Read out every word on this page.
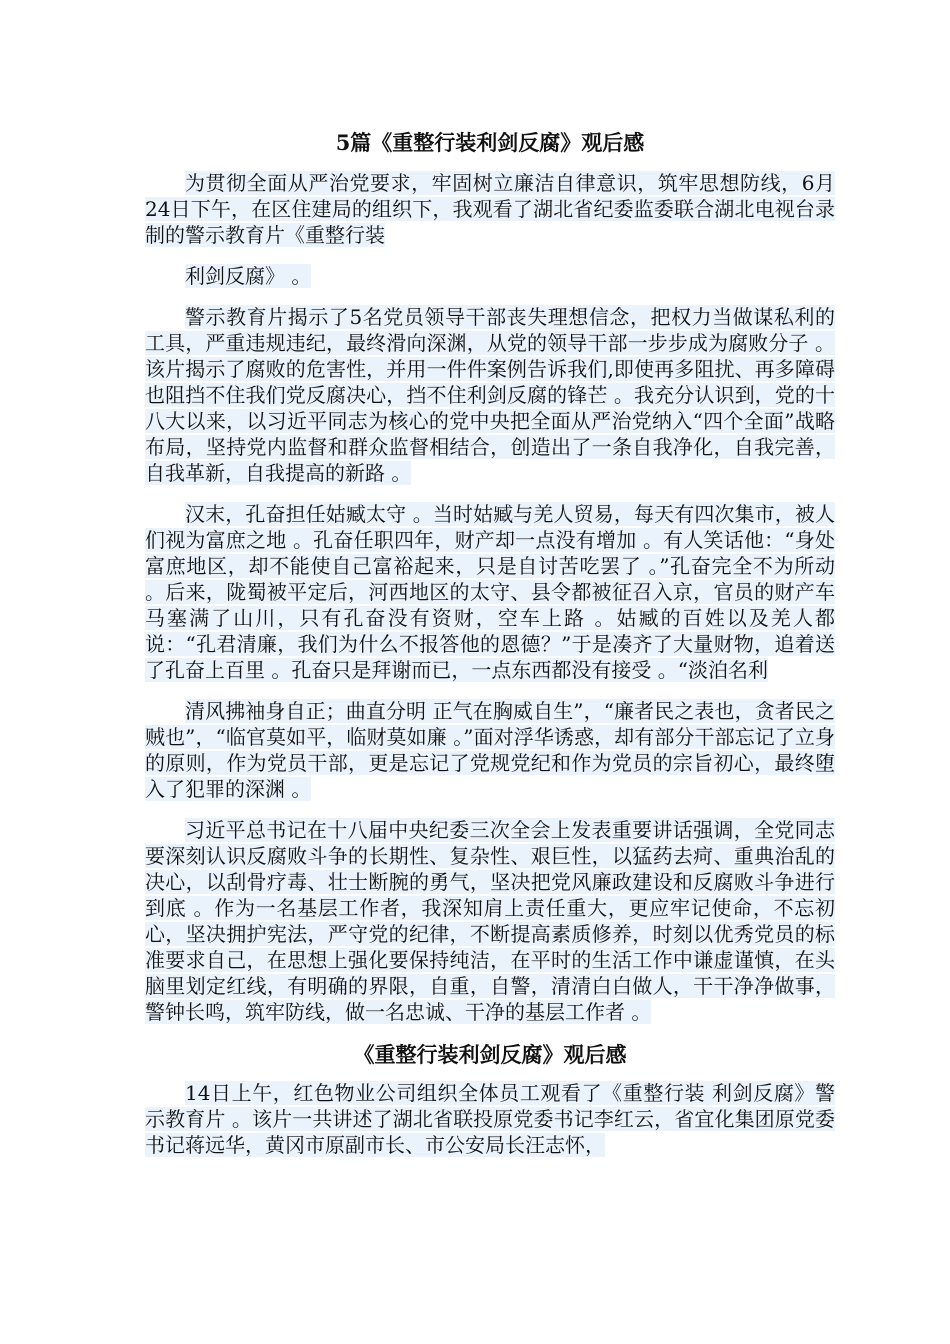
5篇《重整行装利剑反腐》观后感

为贯彻全面从严治党要求，牢固树立廉洁自律意识，筑牢思想防线，6月24日下午，在区住建局的组织下，我观看了湖北省纪委监委联合湖北电视台录制的警示教育片《重整行装

利剑反腐》 。

警示教育片揭示了5名党员领导干部丧失理想信念，把权力当做谋私利的工具，严重违规违纪，最终滑向深渊，从党的领导干部一步步成为腐败分子 。该片揭示了腐败的危害性，并用一件件案例告诉我们,即使再多阻扰、再多障碍也阻挡不住我们党反腐决心，挡不住利剑反腐的锋芒 。我充分认识到，党的十八大以来，以习近平同志为核心的党中央把全面从严治党纳入“四个全面”战略布局，坚持党内监督和群众监督相结合，创造出了一条自我净化，自我完善，自我革新，自我提高的新路 。

汉末，孔奋担任姑臧太守 。当时姑臧与羌人贸易，每天有四次集市，被人们视为富庶之地 。孔奋任职四年，财产却一点没有增加 。有人笑话他：“身处富庶地区，却不能使自己富裕起来，只是自讨苦吃罢了 。”孔奋完全不为所动 。后来，陇蜀被平定后，河西地区的太守、县令都被征召入京，官员的财产车马塞满了山川，只有孔奋没有资财，空车上路 。姑臧的百姓以及羌人都说：“孔君清廉，我们为什么不报答他的恩德？”于是凑齐了大量财物，追着送了孔奋上百里 。孔奋只是拜谢而已，一点东西都没有接受 。“淡泊名利

清风拂袖身自正；曲直分明 正气在胸威自生”，“廉者民之表也，贪者民之贼也”，“临官莫如平，临财莫如廉 。”面对浮华诱惑，却有部分干部忘记了立身的原则，作为党员干部，更是忘记了党规党纪和作为党员的宗旨初心，最终堕入了犯罪的深渊 。

习近平总书记在十八届中央纪委三次全会上发表重要讲话强调，全党同志要深刻认识反腐败斗争的长期性、复杂性、艰巨性，以猛药去疴、重典治乱的决心，以刮骨疗毒、壮士断腕的勇气，坚决把党风廉政建设和反腐败斗争进行到底 。作为一名基层工作者，我深知肩上责任重大，更应牢记使命，不忘初心，坚决拥护宪法，严守党的纪律，不断提高素质修养，时刻以优秀党员的标准要求自己，在思想上强化要保持纯洁，在平时的生活工作中谦虚谨慎，在头脑里划定红线，有明确的界限，自重，自警，清清白白做人，干干净净做事，警钟长鸣，筑牢防线，做一名忠诚、干净的基层工作者 。

《重整行装利剑反腐》观后感

14日上午，红色物业公司组织全体员工观看了《重整行装 利剑反腐》警示教育片 。该片一共讲述了湖北省联投原党委书记李红云，省宜化集团原党委书记蒋远华，黄冈市原副市长、市公安局长汪志怀，
